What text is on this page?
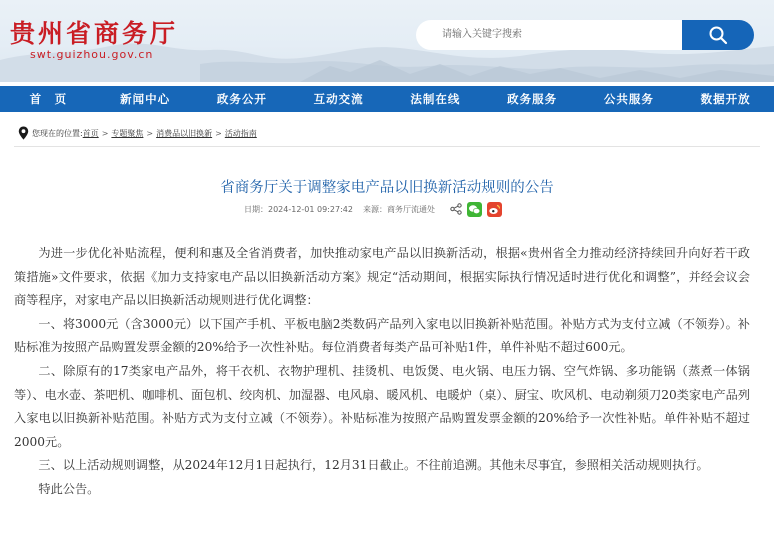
贵州省商务厅
swt.guizhou.gov.cn
请输入关键字搜索
首　页	新闻中心	政务公开	互动交流	法制在线	政务服务	公共服务	数据开放
您现在的位置: 首页 > 专题聚焦 > 消费品以旧换新 > 活动指南
省商务厅关于调整家电产品以旧换新活动规则的公告
日期：2024-12-01 09:27:42 来源：商务厅流通处

为进一步优化补贴流程，便利和惠及全省消费者，加快推动家电产品以旧换新活动，根据«贵州省全力推动经济持续回升向好若干政策措施»文件要求，依据《加力支持家电产品以旧换新活动方案》规定“活动期间，根据实际执行情况适时进行优化和调整”，并经会议会商等程序，对家电产品以旧换新活动规则进行优化调整：

一、将3000元（含3000元）以下国产手机、平板电脑2类数码产品列入家电以旧换新补贴范围。补贴方式为支付立减（不领券）。补贴标准为按照产品购置发票金额的20%给予一次性补贴。每位消费者每类产品可补贴1件，单件补贴不超过600元。

二、除原有的17类家电产品外，将干衣机、衣物护理机、挂烫机、电饭煲、电火锅、电压力锅、空气炸锅、多功能锅（蒸煮一体锅等）、电水壶、茶吧机、咖啡机、面包机、绞肉机、加湿器、电风扇、暖风机、电暖炉（桌）、厨宝、吹风机、电动剃须刀20类家电产品列入家电以旧换新补贴范围。补贴方式为支付立减（不领券）。补贴标准为按照产品购置发票金额的20%给予一次性补贴。单件补贴不超过2000元。

三、以上活动规则调整，从2024年12月1日起执行，12月31日截止。不往前追溯。其他未尽事宜，参照相关活动规则执行。

特此公告。
